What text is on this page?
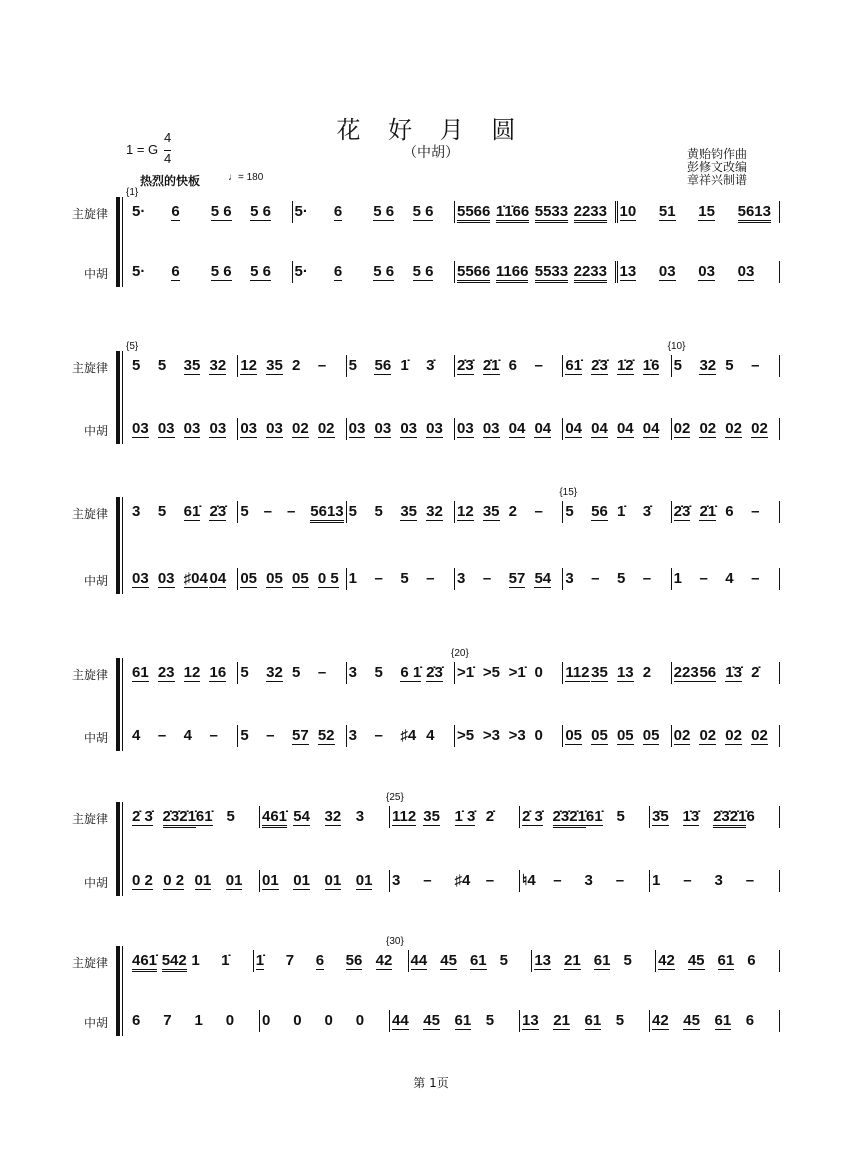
花 好 月 圆
（中胡）
1 = G
4
4
热烈的快板	♩= 180
黄贻钧作曲
彭修文改编
章祥兴制谱
主旋律 5·	6	5 6	5 6	5·	6	5 6	5 6	5566 1̇1̇66 5533 2233 10	51	15	5613
中胡 5·	6	5 6	5 6	5·	6	5 6	5 6	5566 1166 5533 2233 13	03	03	03
{1}
主旋律 5	5	35 32 12 35 2	–	5	56 1̇	3̇	2̇3̇ 2̇1̇ 6	–	61̇ 2̇3̇ 1̇2̇ 1̇6 5	32 5	–
中胡 03 03 03 03 03 03 02 02 03 03 03 03 03 03 04 04 04 04 04 04 02 02 02 02
{5}	{10}
主旋律 3	5	61̇ 2̇3̇ 5 – – 5613 5	5	35 32 12 35 2	–	5	56 1̇	3̇	2̇3̇ 2̇1̇ 6	–
中胡 03 03 ♯04 04 05 05 05 0 5 1	–	5	–	3	–	57 54 3	–	5	–	1	–	4	–
{15}
主旋律 61 23 12 16 5	32 5	–	3	5	6 1̇ 2̇3̇ >1̇ >5 >1̇ 0	112 35 13 2	223 56 1̇3̇ 2̇
中胡 4	–	4	–	5	–	57 52 3	–	♯4 4	>5 >3 >3 0	05 05 05 05 02 02 02 02
{20}
主旋律 2̇ 3̇ 2̇3̇2̇1̇ 61̇ 5	461̇ 54 32 3	112 35 1̇ 3̇ 2̇	2̇ 3̇ 2̇3̇2̇1̇ 61̇ 5	3̇5 1̇3̇ 2̇3̇2̇1̇ 6
中胡 0 2 0 2 01 01	01 01 01 01	3	–	♯4	–	♮4	–	3	–	1	–	3	–
{25}
主旋律 461̇ 542 1	1̇	1̇	7	6	56 42	44 45 61 5	13 21 61 5	42 45 61 6
中胡 6	7	1	0	0	0	0	0	44 45 61 5	13 21 61 5	42 45 61 6
{30}
第 1页
